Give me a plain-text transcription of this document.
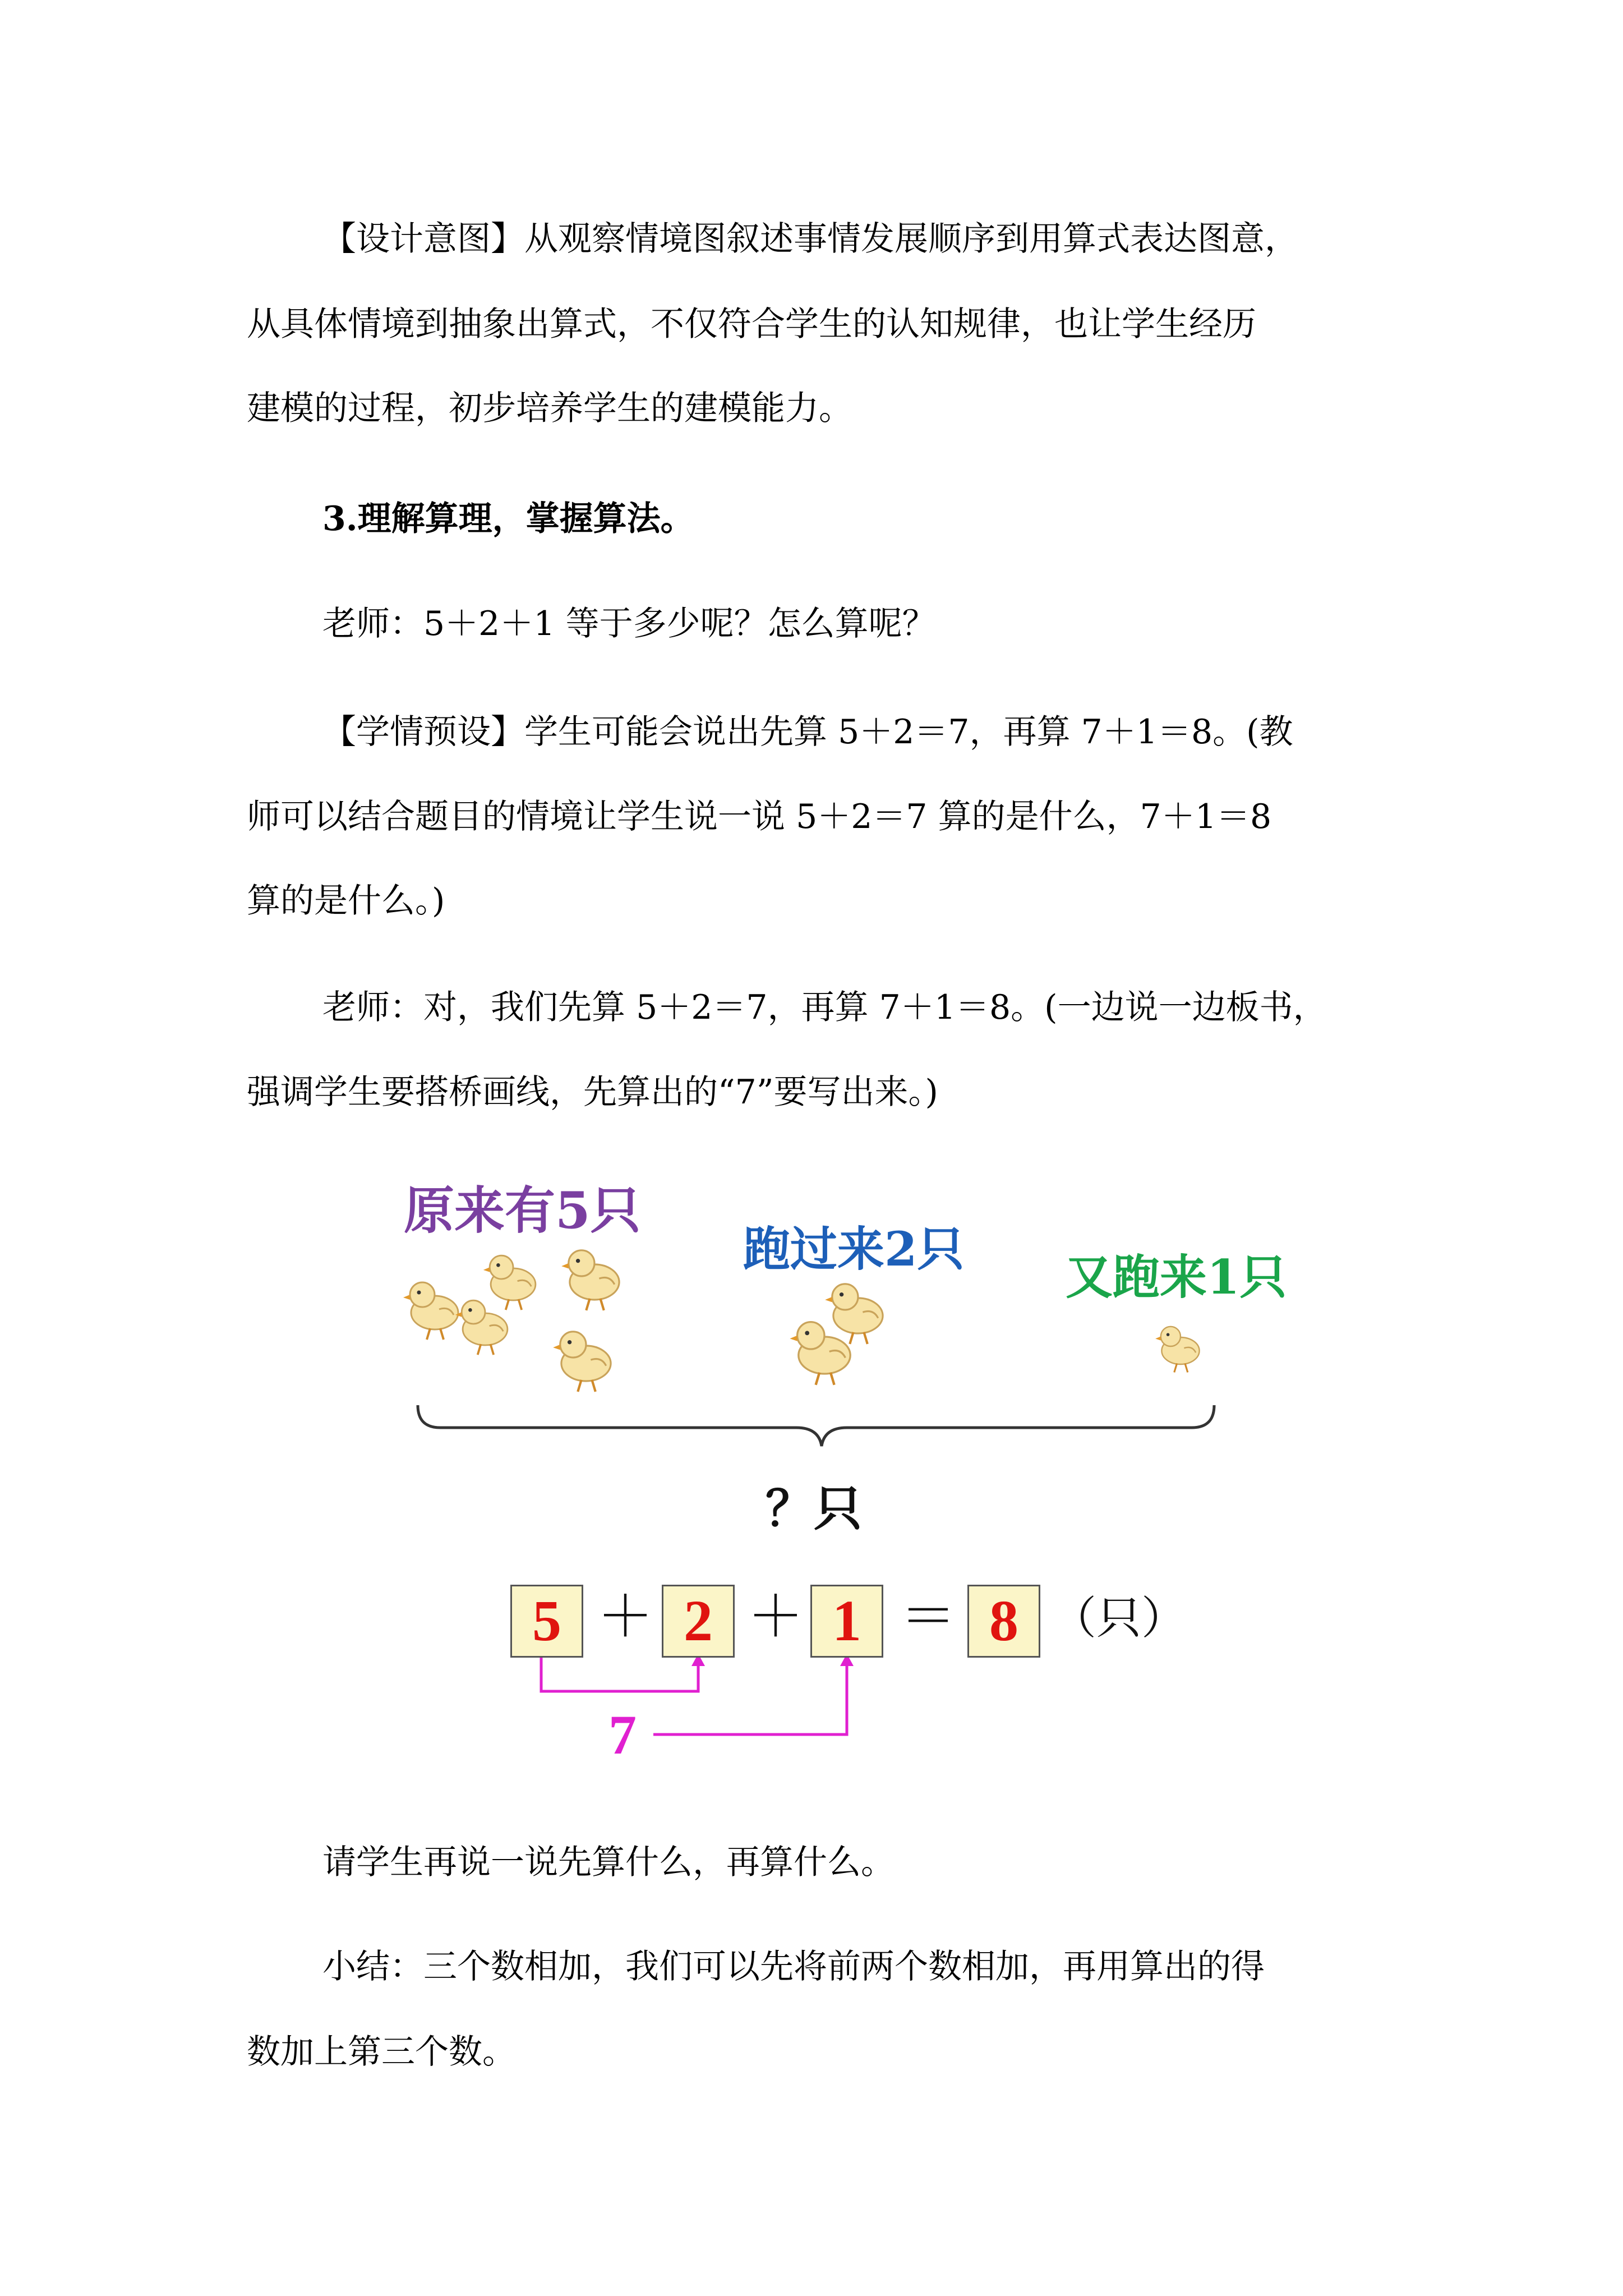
【设计意图】从观察情境图叙述事情发展顺序到用算式表达图意，
从具体情境到抽象出算式，不仅符合学生的认知规律，也让学生经历
建模的过程，初步培养学生的建模能力。
3.理解算理，掌握算法。
老师：5＋2＋1 等于多少呢？怎么算呢？
【学情预设】学生可能会说出先算 5＋2＝7，再算 7＋1＝8。(教
师可以结合题目的情境让学生说一说 5＋2＝7 算的是什么，7＋1＝8
算的是什么。)
老师：对，我们先算 5＋2＝7，再算 7＋1＝8。(一边说一边板书，
强调学生要搭桥画线，先算出的“7”要写出来。)
原来有5只
跑过来2只
又跑来1只
？只
5 ＋ 2 ＋ 1 ＝ 8 （只）
7
请学生再说一说先算什么，再算什么。
小结：三个数相加，我们可以先将前两个数相加，再用算出的得
数加上第三个数。
